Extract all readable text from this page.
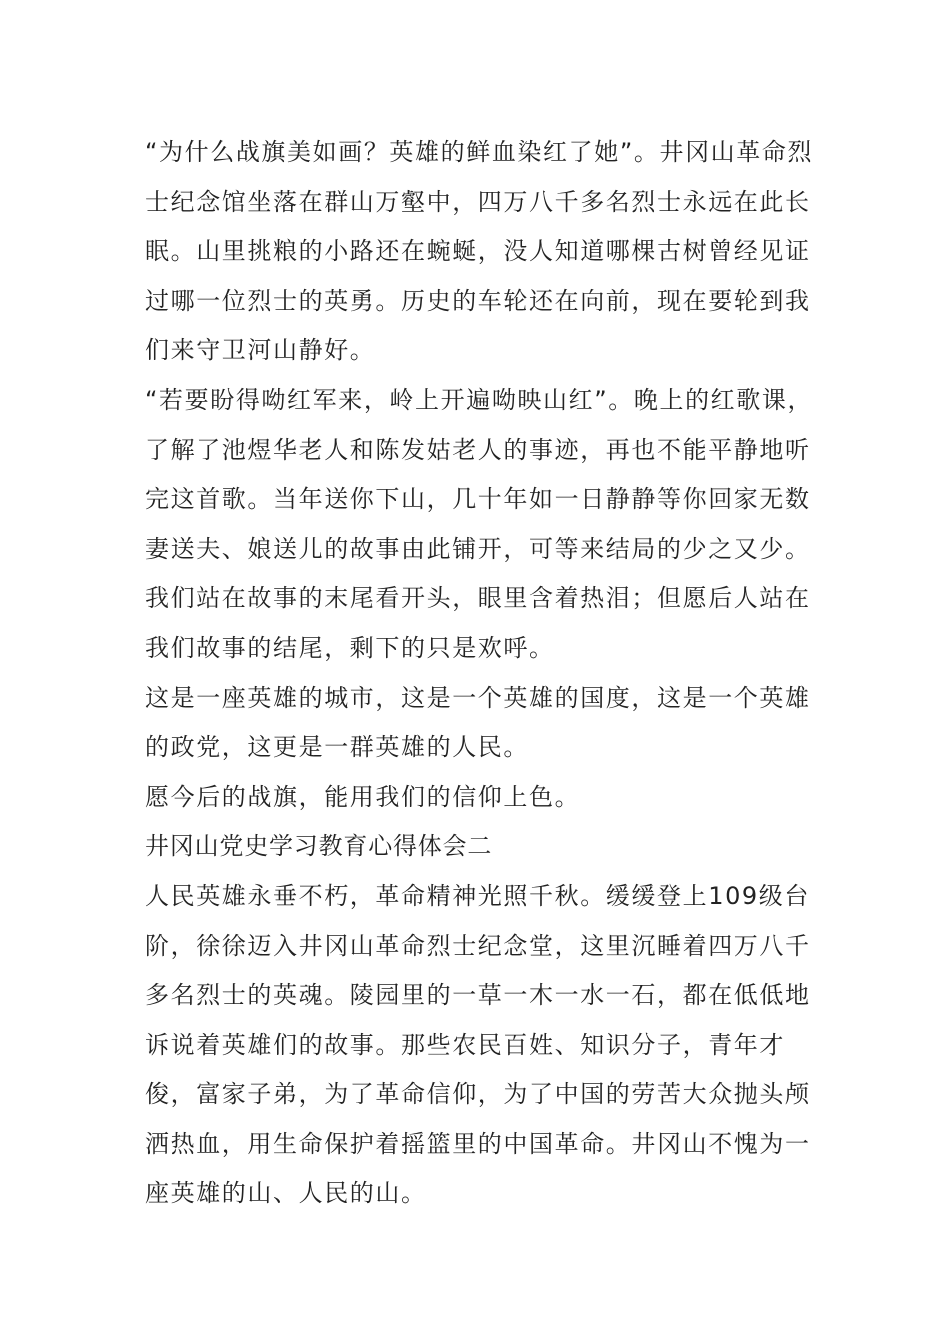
“为什么战旗美如画？英雄的鲜血染红了她”。井冈山革命烈士纪念馆坐落在群山万壑中，四万八千多名烈士永远在此长眠。山里挑粮的小路还在蜿蜒，没人知道哪棵古树曾经见证过哪一位烈士的英勇。历史的车轮还在向前，现在要轮到我们来守卫河山静好。

“若要盼得呦红军来，岭上开遍呦映山红”。晚上的红歌课，了解了池煜华老人和陈发姑老人的事迹，再也不能平静地听完这首歌。当年送你下山，几十年如一日静静等你回家无数妻送夫、娘送儿的故事由此铺开，可等来结局的少之又少。我们站在故事的末尾看开头，眼里含着热泪；但愿后人站在我们故事的结尾，剩下的只是欢呼。

这是一座英雄的城市，这是一个英雄的国度，这是一个英雄的政党，这更是一群英雄的人民。

愿今后的战旗，能用我们的信仰上色。

井冈山党史学习教育心得体会二

人民英雄永垂不朽，革命精神光照千秋。缓缓登上109级台阶，徐徐迈入井冈山革命烈士纪念堂，这里沉睡着四万八千多名烈士的英魂。陵园里的一草一木一水一石，都在低低地诉说着英雄们的故事。那些农民百姓、知识分子，青年才俊，富家子弟，为了革命信仰，为了中国的劳苦大众抛头颅洒热血，用生命保护着摇篮里的中国革命。井冈山不愧为一座英雄的山、人民的山。
